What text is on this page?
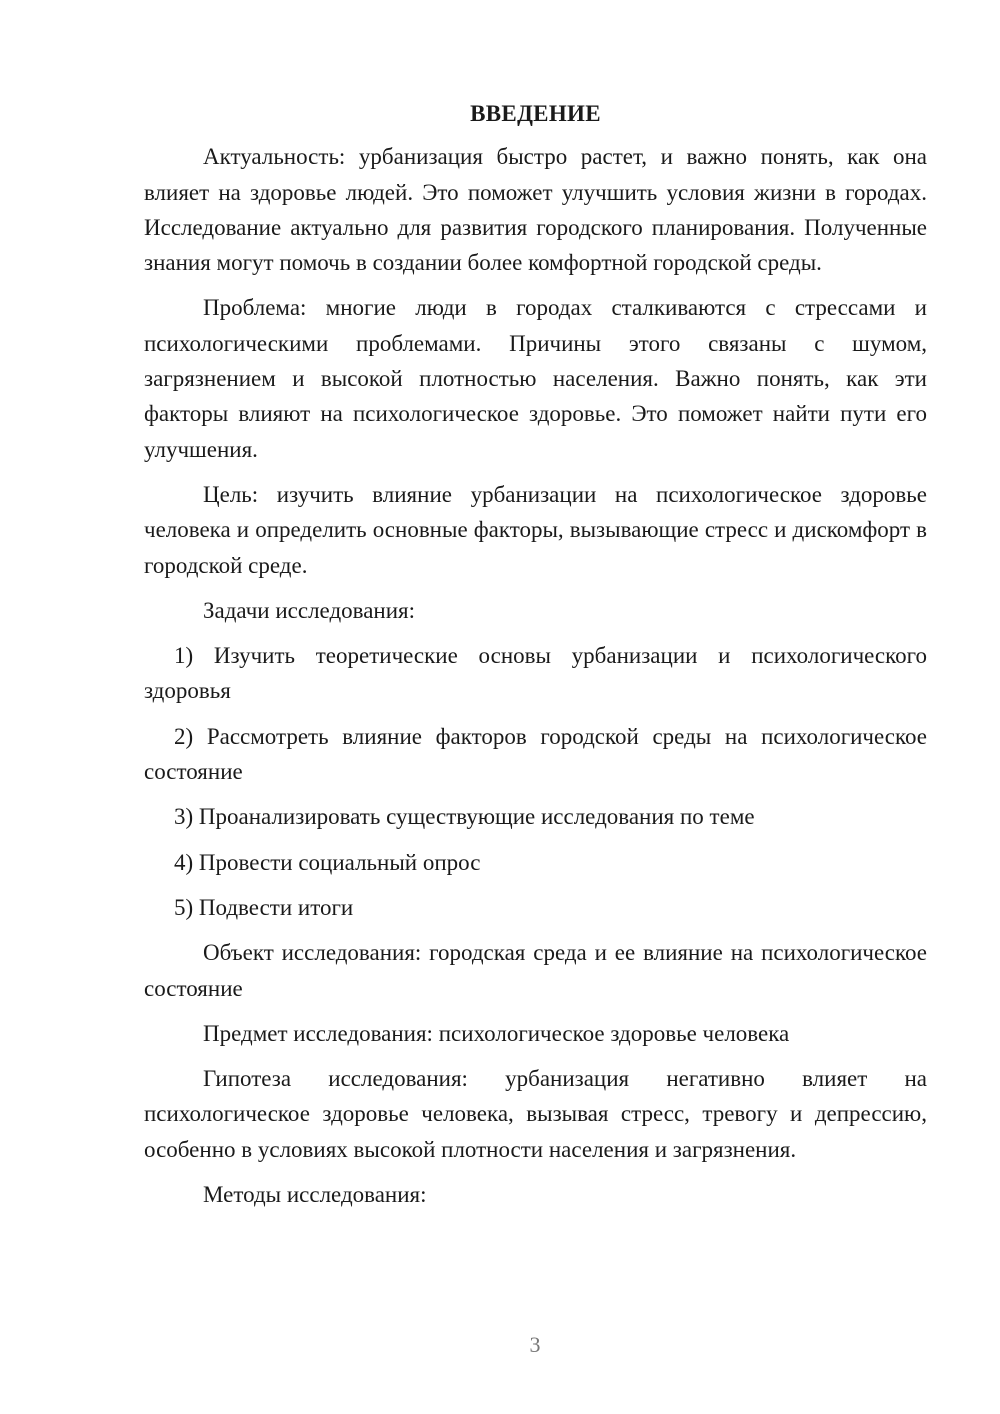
ВВЕДЕНИЕ

Актуальность: урбанизация быстро растет, и важно понять, как она влияет на здоровье людей. Это поможет улучшить условия жизни в городах. Исследование актуально для развития городского планирования. Полученные знания могут помочь в создании более комфортной городской среды.

Проблема: многие люди в городах сталкиваются с стрессами и психологическими проблемами. Причины этого связаны с шумом, загрязнением и высокой плотностью населения. Важно понять, как эти факторы влияют на психологическое здоровье. Это поможет найти пути его улучшения.

Цель: изучить влияние урбанизации на психологическое здоровье человека и определить основные факторы, вызывающие стресс и дискомфорт в городской среде.

Задачи исследования:

1) Изучить теоретические основы урбанизации и психологического здоровья

2) Рассмотреть влияние факторов городской среды на психологическое состояние

3) Проанализировать существующие исследования по теме

4) Провести социальный опрос

5) Подвести итоги

Объект исследования: городская среда и ее влияние на психологическое состояние

Предмет исследования: психологическое здоровье человека

Гипотеза исследования: урбанизация негативно влияет на психологическое здоровье человека, вызывая стресс, тревогу и депрессию, особенно в условиях высокой плотности населения и загрязнения.

Методы исследования:

3
